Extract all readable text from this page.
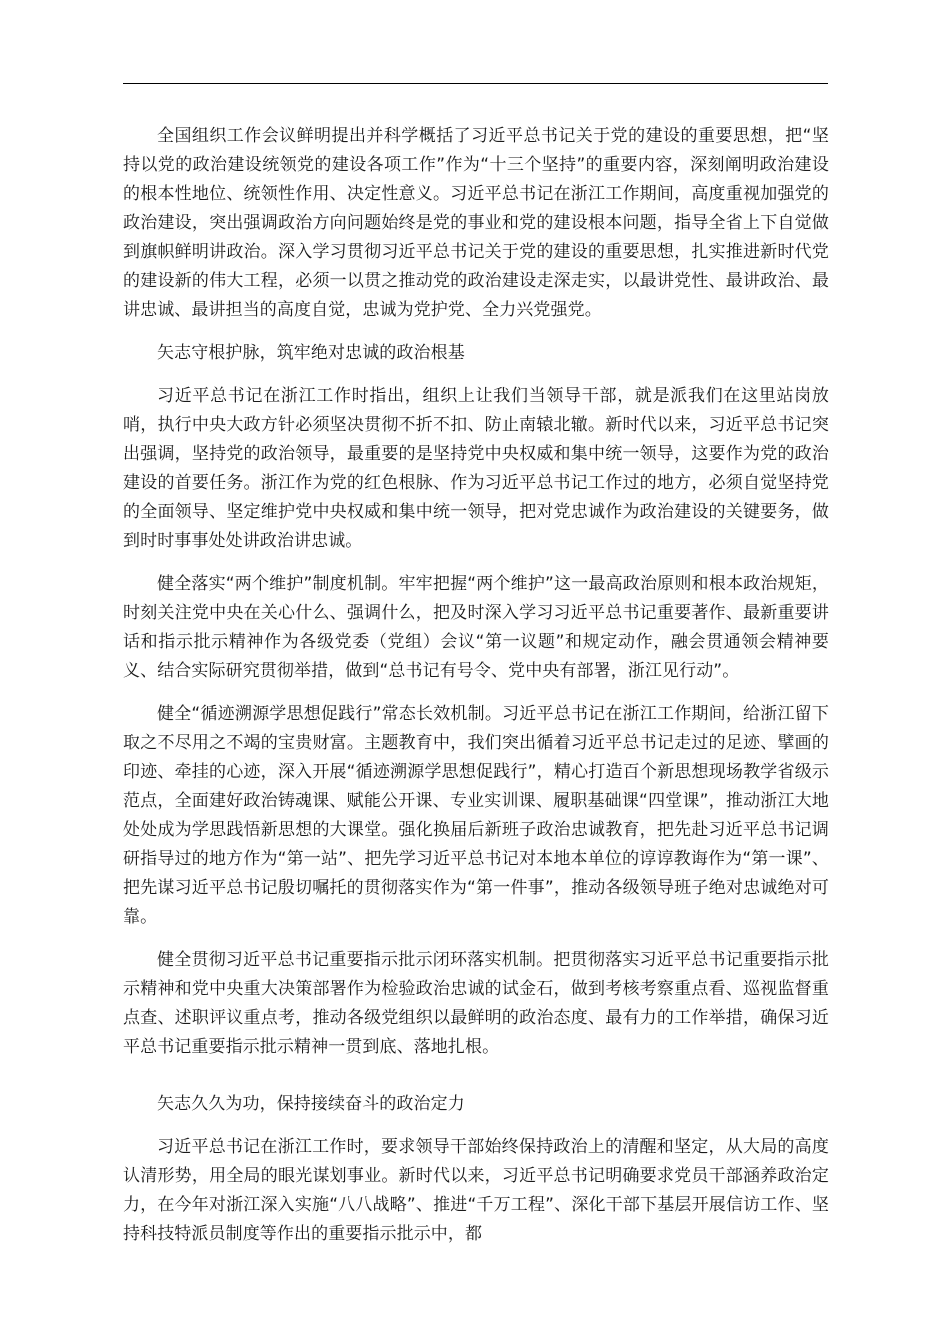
全国组织工作会议鲜明提出并科学概括了习近平总书记关于党的建设的重要思想，把“坚持以党的政治建设统领党的建设各项工作”作为“十三个坚持”的重要内容，深刻阐明政治建设的根本性地位、统领性作用、决定性意义。习近平总书记在浙江工作期间，高度重视加强党的政治建设，突出强调政治方向问题始终是党的事业和党的建设根本问题，指导全省上下自觉做到旗帜鲜明讲政治。深入学习贯彻习近平总书记关于党的建设的重要思想，扎实推进新时代党的建设新的伟大工程，必须一以贯之推动党的政治建设走深走实，以最讲党性、最讲政治、最讲忠诚、最讲担当的高度自觉，忠诚为党护党、全力兴党强党。

矢志守根护脉，筑牢绝对忠诚的政治根基

习近平总书记在浙江工作时指出，组织上让我们当领导干部，就是派我们在这里站岗放哨，执行中央大政方针必须坚决贯彻不折不扣、防止南辕北辙。新时代以来，习近平总书记突出强调，坚持党的政治领导，最重要的是坚持党中央权威和集中统一领导，这要作为党的政治建设的首要任务。浙江作为党的红色根脉、作为习近平总书记工作过的地方，必须自觉坚持党的全面领导、坚定维护党中央权威和集中统一领导，把对党忠诚作为政治建设的关键要务，做到时时事事处处讲政治讲忠诚。

健全落实“两个维护”制度机制。牢牢把握“两个维护”这一最高政治原则和根本政治规矩，时刻关注党中央在关心什么、强调什么，把及时深入学习习近平总书记重要著作、最新重要讲话和指示批示精神作为各级党委（党组）会议“第一议题”和规定动作，融会贯通领会精神要义、结合实际研究贯彻举措，做到“总书记有号令、党中央有部署，浙江见行动”。

健全“循迹溯源学思想促践行”常态长效机制。习近平总书记在浙江工作期间，给浙江留下取之不尽用之不竭的宝贵财富。主题教育中，我们突出循着习近平总书记走过的足迹、擘画的印迹、牵挂的心迹，深入开展“循迹溯源学思想促践行”，精心打造百个新思想现场教学省级示范点，全面建好政治铸魂课、赋能公开课、专业实训课、履职基础课“四堂课”，推动浙江大地处处成为学思践悟新思想的大课堂。强化换届后新班子政治忠诚教育，把先赴习近平总书记调研指导过的地方作为“第一站”、把先学习近平总书记对本地本单位的谆谆教诲作为“第一课”、把先谋习近平总书记殷切嘱托的贯彻落实作为“第一件事”，推动各级领导班子绝对忠诚绝对可靠。

健全贯彻习近平总书记重要指示批示闭环落实机制。把贯彻落实习近平总书记重要指示批示精神和党中央重大决策部署作为检验政治忠诚的试金石，做到考核考察重点看、巡视监督重点查、述职评议重点考，推动各级党组织以最鲜明的政治态度、最有力的工作举措，确保习近平总书记重要指示批示精神一贯到底、落地扎根。

矢志久久为功，保持接续奋斗的政治定力

习近平总书记在浙江工作时，要求领导干部始终保持政治上的清醒和坚定，从大局的高度认清形势，用全局的眼光谋划事业。新时代以来，习近平总书记明确要求党员干部涵养政治定力，在今年对浙江深入实施“八八战略”、推进“千万工程”、深化干部下基层开展信访工作、坚持科技特派员制度等作出的重要指示批示中，都
